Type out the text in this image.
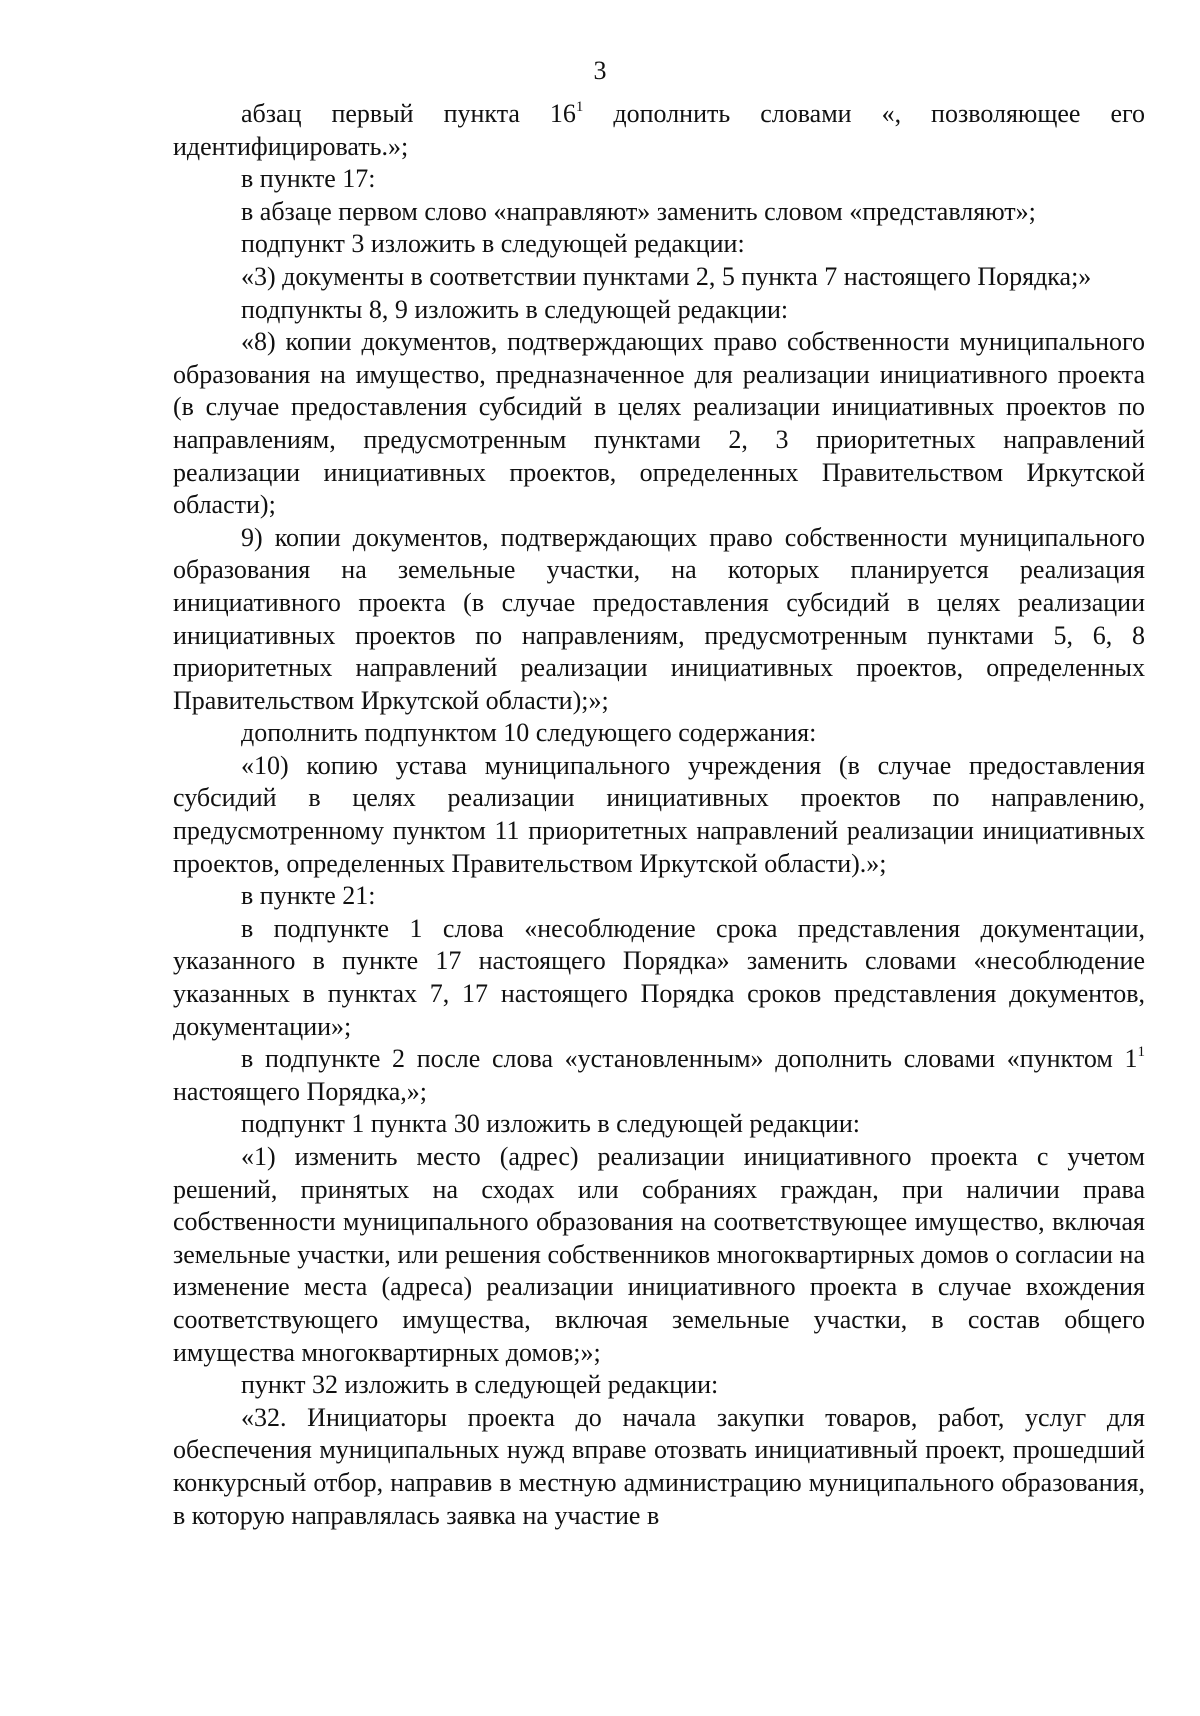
3

абзац первый пункта $16^1$ дополнить словами «, позволяющее его идентифицировать.»;

в пункте 17:

в абзаце первом слово «направляют» заменить словом «представляют»;

подпункт 3 изложить в следующей редакции:

«3) документы в соответствии пунктами 2, 5 пункта 7 настоящего Порядка;»

подпункты 8, 9 изложить в следующей редакции:

«8) копии документов, подтверждающих право собственности муниципального образования на имущество, предназначенное для реализации инициативного проекта (в случае предоставления субсидий в целях реализации инициативных проектов по направлениям, предусмотренным пунктами 2, 3 приоритетных направлений реализации инициативных проектов, определенных Правительством Иркутской области);

9) копии документов, подтверждающих право собственности муниципального образования на земельные участки, на которых планируется реализация инициативного проекта (в случае предоставления субсидий в целях реализации инициативных проектов по направлениям, предусмотренным пунктами 5, 6, 8 приоритетных направлений реализации инициативных проектов, определенных Правительством Иркутской области);»;

дополнить подпунктом 10 следующего содержания:

«10) копию устава муниципального учреждения (в случае предоставления субсидий в целях реализации инициативных проектов по направлению, предусмотренному пунктом 11 приоритетных направлений реализации инициативных проектов, определенных Правительством Иркутской области).»;

в пункте 21:

в подпункте 1 слова «несоблюдение срока представления документации, указанного в пункте 17 настоящего Порядка» заменить словами «несоблюдение указанных в пунктах 7, 17 настоящего Порядка сроков представления документов, документации»;

в подпункте 2 после слова «установленным» дополнить словами «пунктом $1^1$ настоящего Порядка,»;

подпункт 1 пункта 30 изложить в следующей редакции:

«1) изменить место (адрес) реализации инициативного проекта с учетом решений, принятых на сходах или собраниях граждан, при наличии права собственности муниципального образования на соответствующее имущество, включая земельные участки, или решения собственников многоквартирных домов о согласии на изменение места (адреса) реализации инициативного проекта в случае вхождения соответствующего имущества, включая земельные участки, в состав общего имущества многоквартирных домов;»;

пункт 32 изложить в следующей редакции:

«32. Инициаторы проекта до начала закупки товаров, работ, услуг для обеспечения муниципальных нужд вправе отозвать инициативный проект, прошедший конкурсный отбор, направив в местную администрацию муниципального образования, в которую направлялась заявка на участие в
